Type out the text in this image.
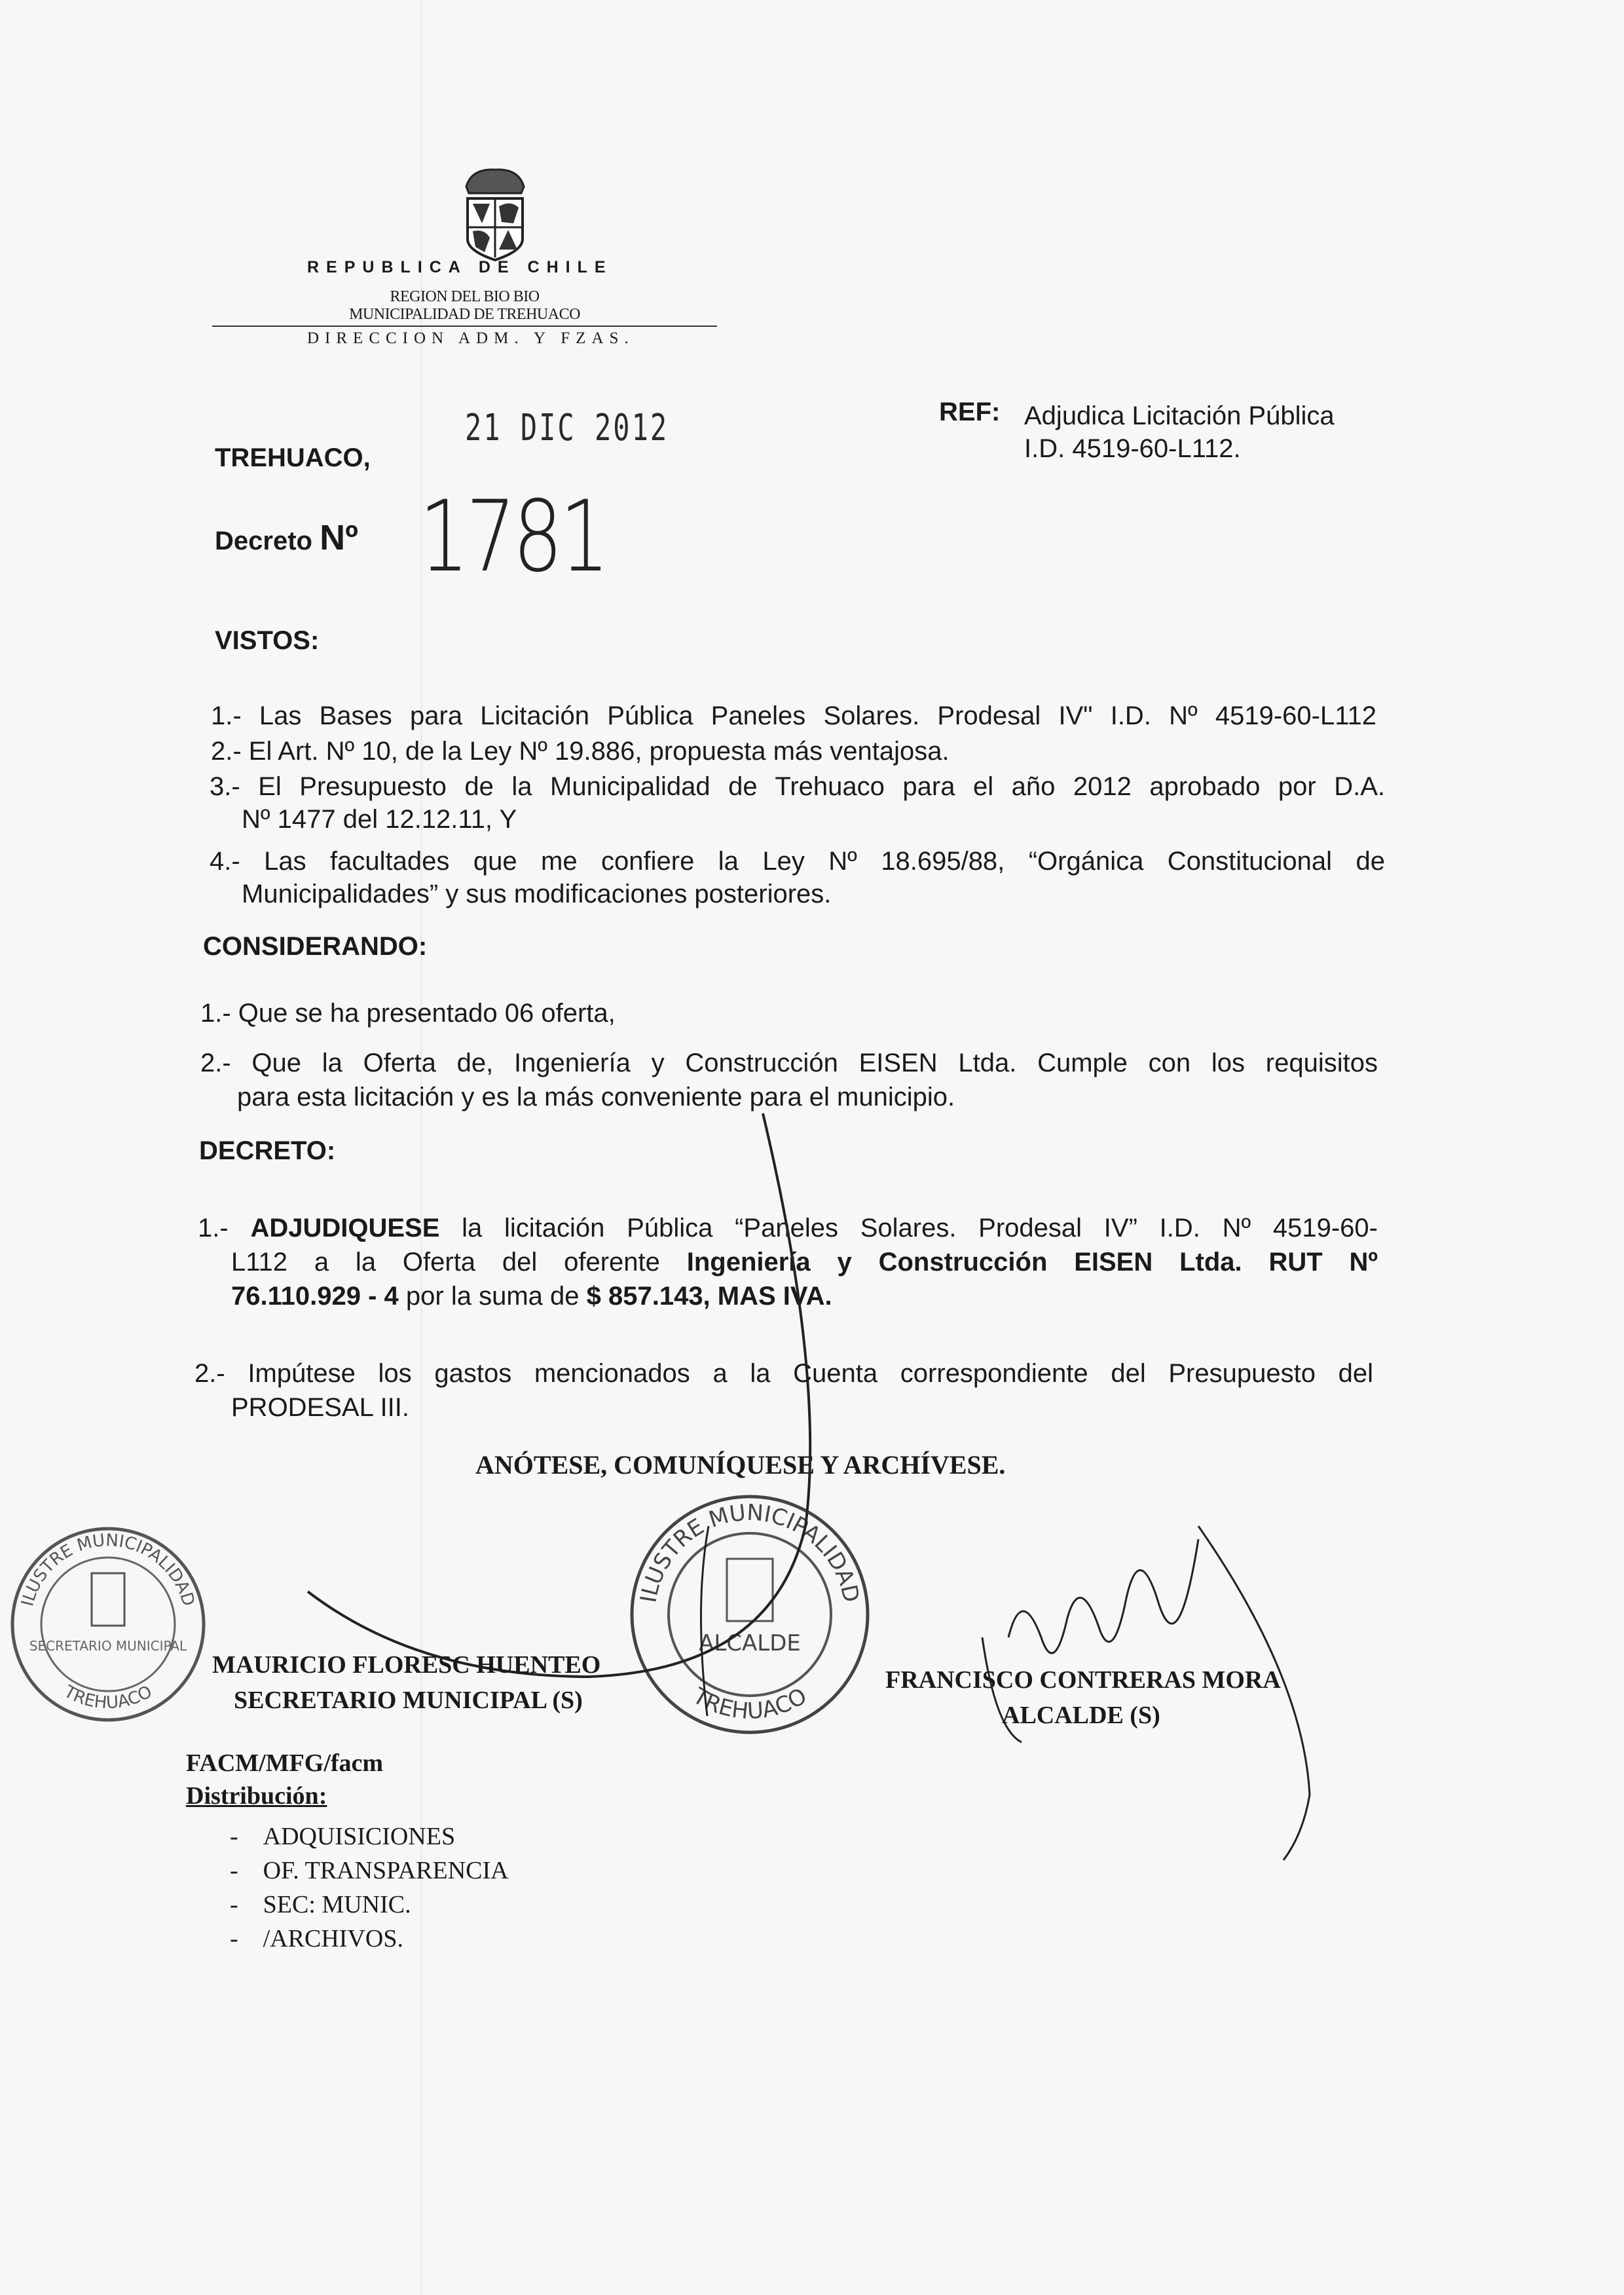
REPUBLICA DE CHILE
REGION DEL BIO BIO
MUNICIPALIDAD DE TREHUACO
DIRECCION ADM. Y FZAS.
21 DIC 2012	REF: Adjudica Licitación Pública
I.D. 4519-60-L112.
TREHUACO,
Decreto Nº 1781
VISTOS:
1.- Las Bases para Licitación Pública Paneles Solares. Prodesal IV" I.D. Nº 4519-60-L112
2.- El Art. Nº 10, de la Ley Nº 19.886, propuesta más ventajosa.
3.- El Presupuesto de la Municipalidad de Trehuaco para el año 2012 aprobado por D.A.
Nº 1477 del 12.12.11, Y
4.- Las facultades que me confiere la Ley Nº 18.695/88, “Orgánica Constitucional de
Municipalidades” y sus modificaciones posteriores.
CONSIDERANDO:
1.- Que se ha presentado 06 oferta,
2.- Que la Oferta de, Ingeniería y Construcción EISEN Ltda. Cumple con los requisitos
para esta licitación y es la más conveniente para el municipio.
DECRETO:
1.- ADJUDIQUESE la licitación Pública “Paneles Solares. Prodesal IV” I.D. Nº 4519-60-
L112 a la Oferta del oferente Ingeniería y Construcción EISEN Ltda. RUT Nº
76.110.929 - 4 por la suma de $ 857.143, MAS IVA.
2.- Impútese los gastos mencionados a la Cuenta correspondiente del Presupuesto del
PRODESAL III.
ANÓTESE, COMUNÍQUESE Y ARCHÍVESE.
ILUSTRE MUNICIPALIDAD
TREHUACO
SECRETARIO MUNICIPAL
ILUSTRE MUNICIPALIDAD
TREHUACO
ALCALDE
MAURICIO FLORESC HUENTEO
SECRETARIO MUNICIPAL (S)
FRANCISCO CONTRERAS MORA
ALCALDE (S)
FACM/MFG/facm
Distribución:
-    ADQUISICIONES
-    OF. TRANSPARENCIA
-    SEC: MUNIC.
-    /ARCHIVOS.
